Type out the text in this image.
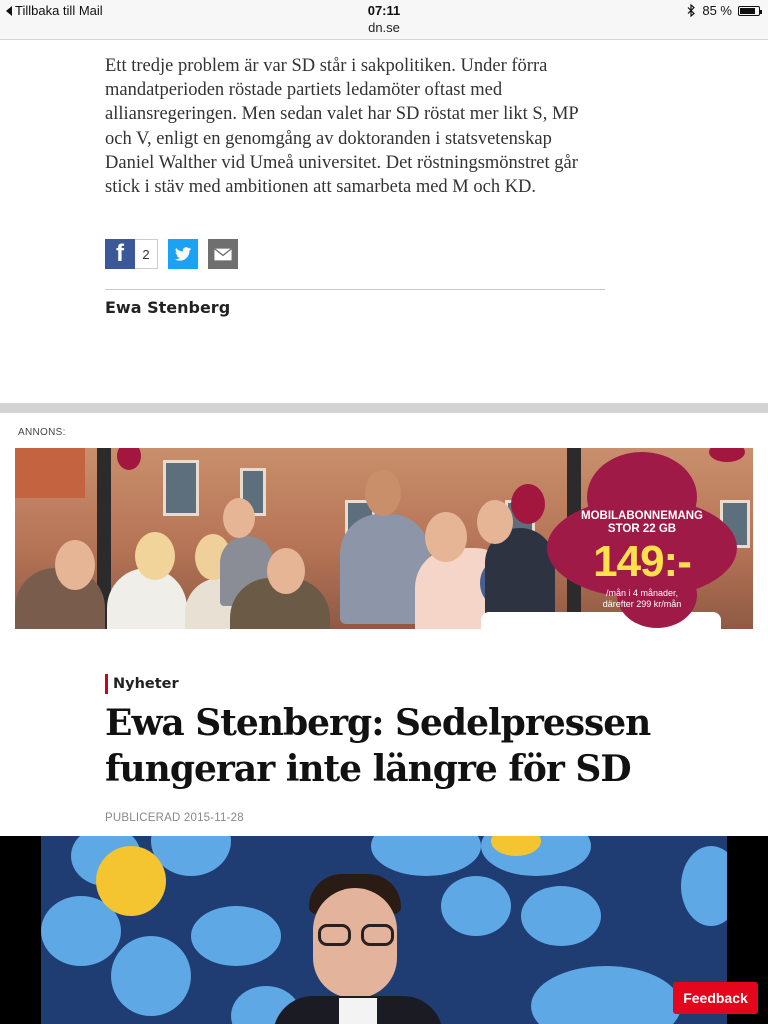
Tillbaka till Mail	07:11
dn.se
85 %

Ett tredje problem är var SD står i sakpolitiken. Under förra mandatperioden röstade partiets ledamöter oftast med alliansregeringen. Men sedan valet har SD röstat mer likt S, MP och V, enligt en genomgång av doktoranden i statsvetenskap Daniel Walther vid Umeå universitet. Det röstningsmönstret går stick i stäv med ambitionen att samarbeta med M och KD.

f	2
Ewa Stenberg
ANNONS:
MOBILABONNEMANG
STOR 22 GB
149:-
/mån i 4 månader,
därefter 299 kr/mån
Nyheter
Ewa Stenberg: Sedelpressen fungerar inte längre för SD
PUBLICERAD 2015-11-28
Feedback
